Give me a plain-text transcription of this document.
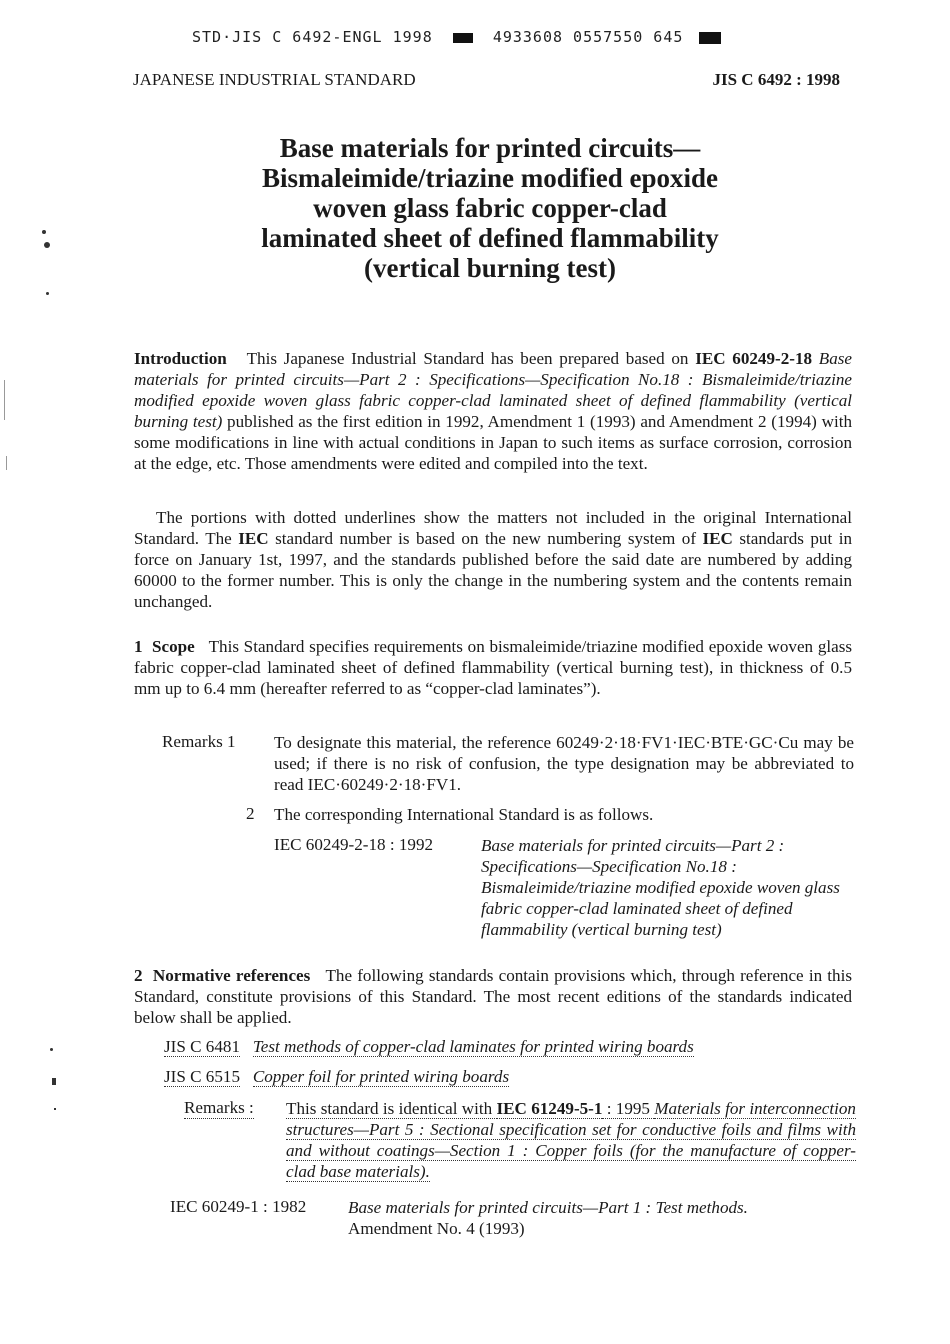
STD·JIS C 6492-ENGL 1998	4933608 0557550 645
JAPANESE INDUSTRIAL STANDARD	JIS C 6492 : 1998
Base materials for printed circuits—
Bismaleimide/triazine modified epoxide
woven glass fabric copper-clad
laminated sheet of defined flammability
(vertical burning test)
Introduction This Japanese Industrial Standard has been prepared based on IEC 60249-2-18 Base materials for printed circuits—Part 2 : Specifications—Specification No.18 : Bismaleimide/triazine modified epoxide woven glass fabric copper-clad laminated sheet of defined flammability (vertical burning test) published as the first edition in 1992, Amendment 1 (1993) and Amendment 2 (1994) with some modifications in line with actual conditions in Japan to such items as surface corrosion, corrosion at the edge, etc. Those amendments were edited and compiled into the text.
The portions with dotted underlines show the matters not included in the original International Standard. The IEC standard number is based on the new numbering system of IEC standards put in force on January 1st, 1997, and the standards published before the said date are numbered by adding 60000 to the former number. This is only the change in the numbering system and the contents remain unchanged.
1 Scope This Standard specifies requirements on bismaleimide/triazine modified epoxide woven glass fabric copper-clad laminated sheet of defined flammability (vertical burning test), in thickness of 0.5 mm up to 6.4 mm (hereafter referred to as “copper-clad laminates”).
Remarks 1 To designate this material, the reference 60249·2·18·FV1·IEC·BTE·GC·Cu may be used; if there is no risk of confusion, the type designation may be abbreviated to read IEC·60249·2·18·FV1.
2 The corresponding International Standard is as follows.
IEC 60249-2-18 : 1992	Base materials for printed circuits—Part 2 : Specifications—Specification No.18 : Bismaleimide/triazine modified epoxide woven glass fabric copper-clad laminated sheet of defined flammability (vertical burning test)
2 Normative references The following standards contain provisions which, through reference in this Standard, constitute provisions of this Standard. The most recent editions of the standards indicated below shall be applied.
JIS C 6481 Test methods of copper-clad laminates for printed wiring boards
JIS C 6515 Copper foil for printed wiring boards
Remarks : This standard is identical with IEC 61249-5-1 : 1995 Materials for interconnection structures—Part 5 : Sectional specification set for conductive foils and films with and without coatings—Section 1 : Copper foils (for the manufacture of copper-clad base materials).
IEC 60249-1 : 1982 Base materials for printed circuits—Part 1 : Test methods.
Amendment No. 4 (1993)
